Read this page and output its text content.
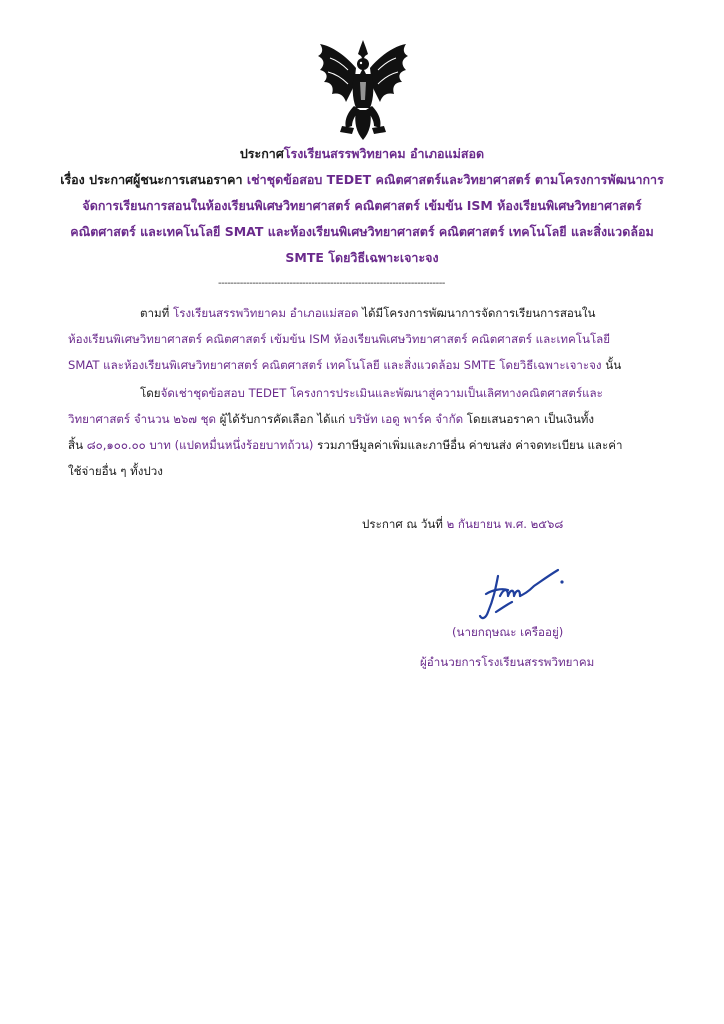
ประกาศโรงเรียนสรรพวิทยาคม อำเภอแม่สอด
เรื่อง ประกาศผู้ชนะการเสนอราคา เช่าชุดข้อสอบ TEDET คณิตศาสตร์และวิทยาศาสตร์ ตามโครงการพัฒนาการ
จัดการเรียนการสอนในห้องเรียนพิเศษวิทยาศาสตร์ คณิตศาสตร์ เข้มข้น ISM ห้องเรียนพิเศษวิทยาศาสตร์
คณิตศาสตร์ และเทคโนโลยี SMAT และห้องเรียนพิเศษวิทยาศาสตร์ คณิตศาสตร์ เทคโนโลยี และสิ่งแวดล้อม
SMTE โดยวิธีเฉพาะเจาะจง
-------------------------------------------------------------------------
ตามที่ โรงเรียนสรรพวิทยาคม อำเภอแม่สอด ได้มีโครงการพัฒนาการจัดการเรียนการสอนใน
ห้องเรียนพิเศษวิทยาศาสตร์ คณิตศาสตร์ เข้มข้น ISM ห้องเรียนพิเศษวิทยาศาสตร์ คณิตศาสตร์ และเทคโนโลยี
SMAT และห้องเรียนพิเศษวิทยาศาสตร์ คณิตศาสตร์ เทคโนโลยี และสิ่งแวดล้อม SMTE โดยวิธีเฉพาะเจาะจง นั้น
โดยจัดเช่าชุดข้อสอบ TEDET โครงการประเมินและพัฒนาสู่ความเป็นเลิศทางคณิตศาสตร์และ
วิทยาศาสตร์ จำนวน ๒๖๗ ชุด ผู้ได้รับการคัดเลือก ได้แก่ บริษัท เอดู พาร์ค จำกัด โดยเสนอราคา เป็นเงินทั้ง
สิ้น ๘๐,๑๐๐.๐๐ บาท (แปดหมื่นหนึ่งร้อยบาทถ้วน) รวมภาษีมูลค่าเพิ่มและภาษีอื่น ค่าขนส่ง ค่าจดทะเบียน และค่า
ใช้จ่ายอื่น ๆ ทั้งปวง
ประกาศ ณ วันที่ ๒ กันยายน พ.ศ. ๒๕๖๘
(นายกฤษณะ เครืออยู่)
ผู้อำนวยการโรงเรียนสรรพวิทยาคม
